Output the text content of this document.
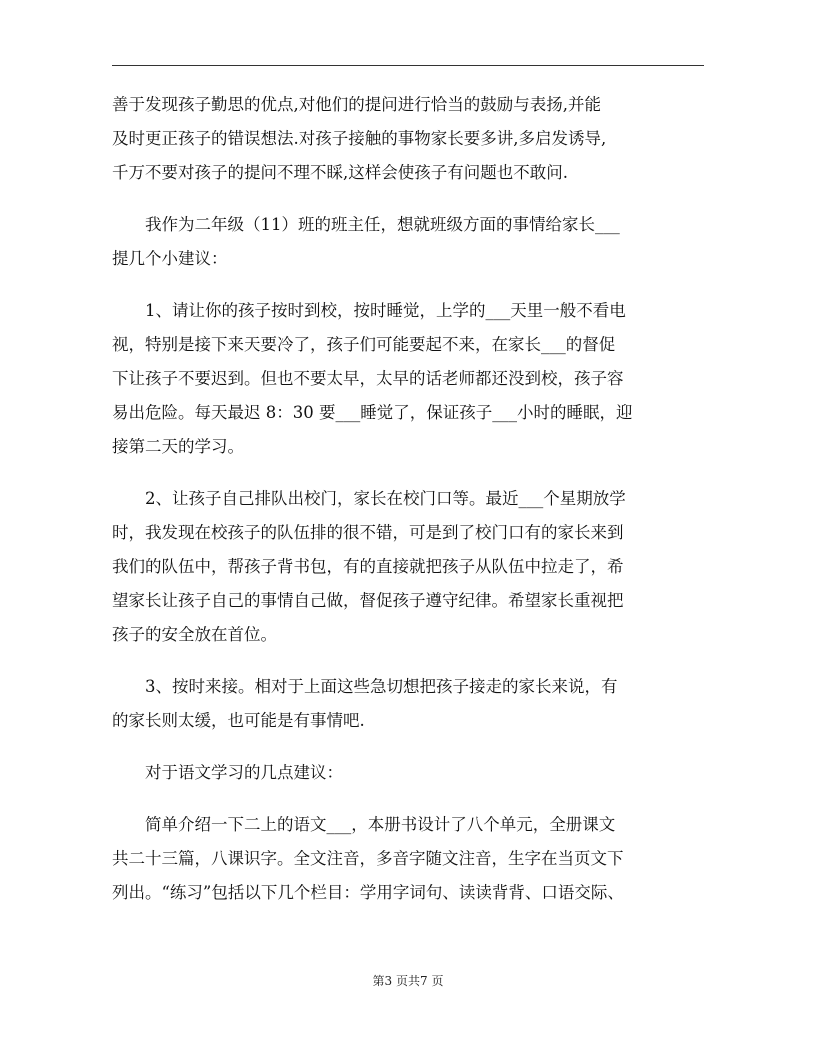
善于发现孩子勤思的优点,对他们的提问进行恰当的鼓励与表扬,并能
及时更正孩子的错误想法.对孩子接触的事物家长要多讲,多启发诱导,
千万不要对孩子的提问不理不睬,这样会使孩子有问题也不敢问.

我作为二年级（11）班的班主任，想就班级方面的事情给家长___
提几个小建议：

1、请让你的孩子按时到校，按时睡觉，上学的___天里一般不看电
视，特别是接下来天要冷了，孩子们可能要起不来，在家长___的督促
下让孩子不要迟到。但也不要太早，太早的话老师都还没到校，孩子容
易出危险。每天最迟 8：30 要___睡觉了，保证孩子___小时的睡眠，迎
接第二天的学习。

2、让孩子自己排队出校门，家长在校门口等。最近___个星期放学
时，我发现在校孩子的队伍排的很不错，可是到了校门口有的家长来到
我们的队伍中，帮孩子背书包，有的直接就把孩子从队伍中拉走了，希
望家长让孩子自己的事情自己做，督促孩子遵守纪律。希望家长重视把
孩子的安全放在首位。

3、按时来接。相对于上面这些急切想把孩子接走的家长来说，有
的家长则太缓，也可能是有事情吧.

对于语文学习的几点建议：

简单介绍一下二上的语文___，本册书设计了八个单元，全册课文
共二十三篇，八课识字。全文注音，多音字随文注音，生字在当页文下
列出。“练习”包括以下几个栏目：学用字词句、读读背背、口语交际、

第3 页共7 页
